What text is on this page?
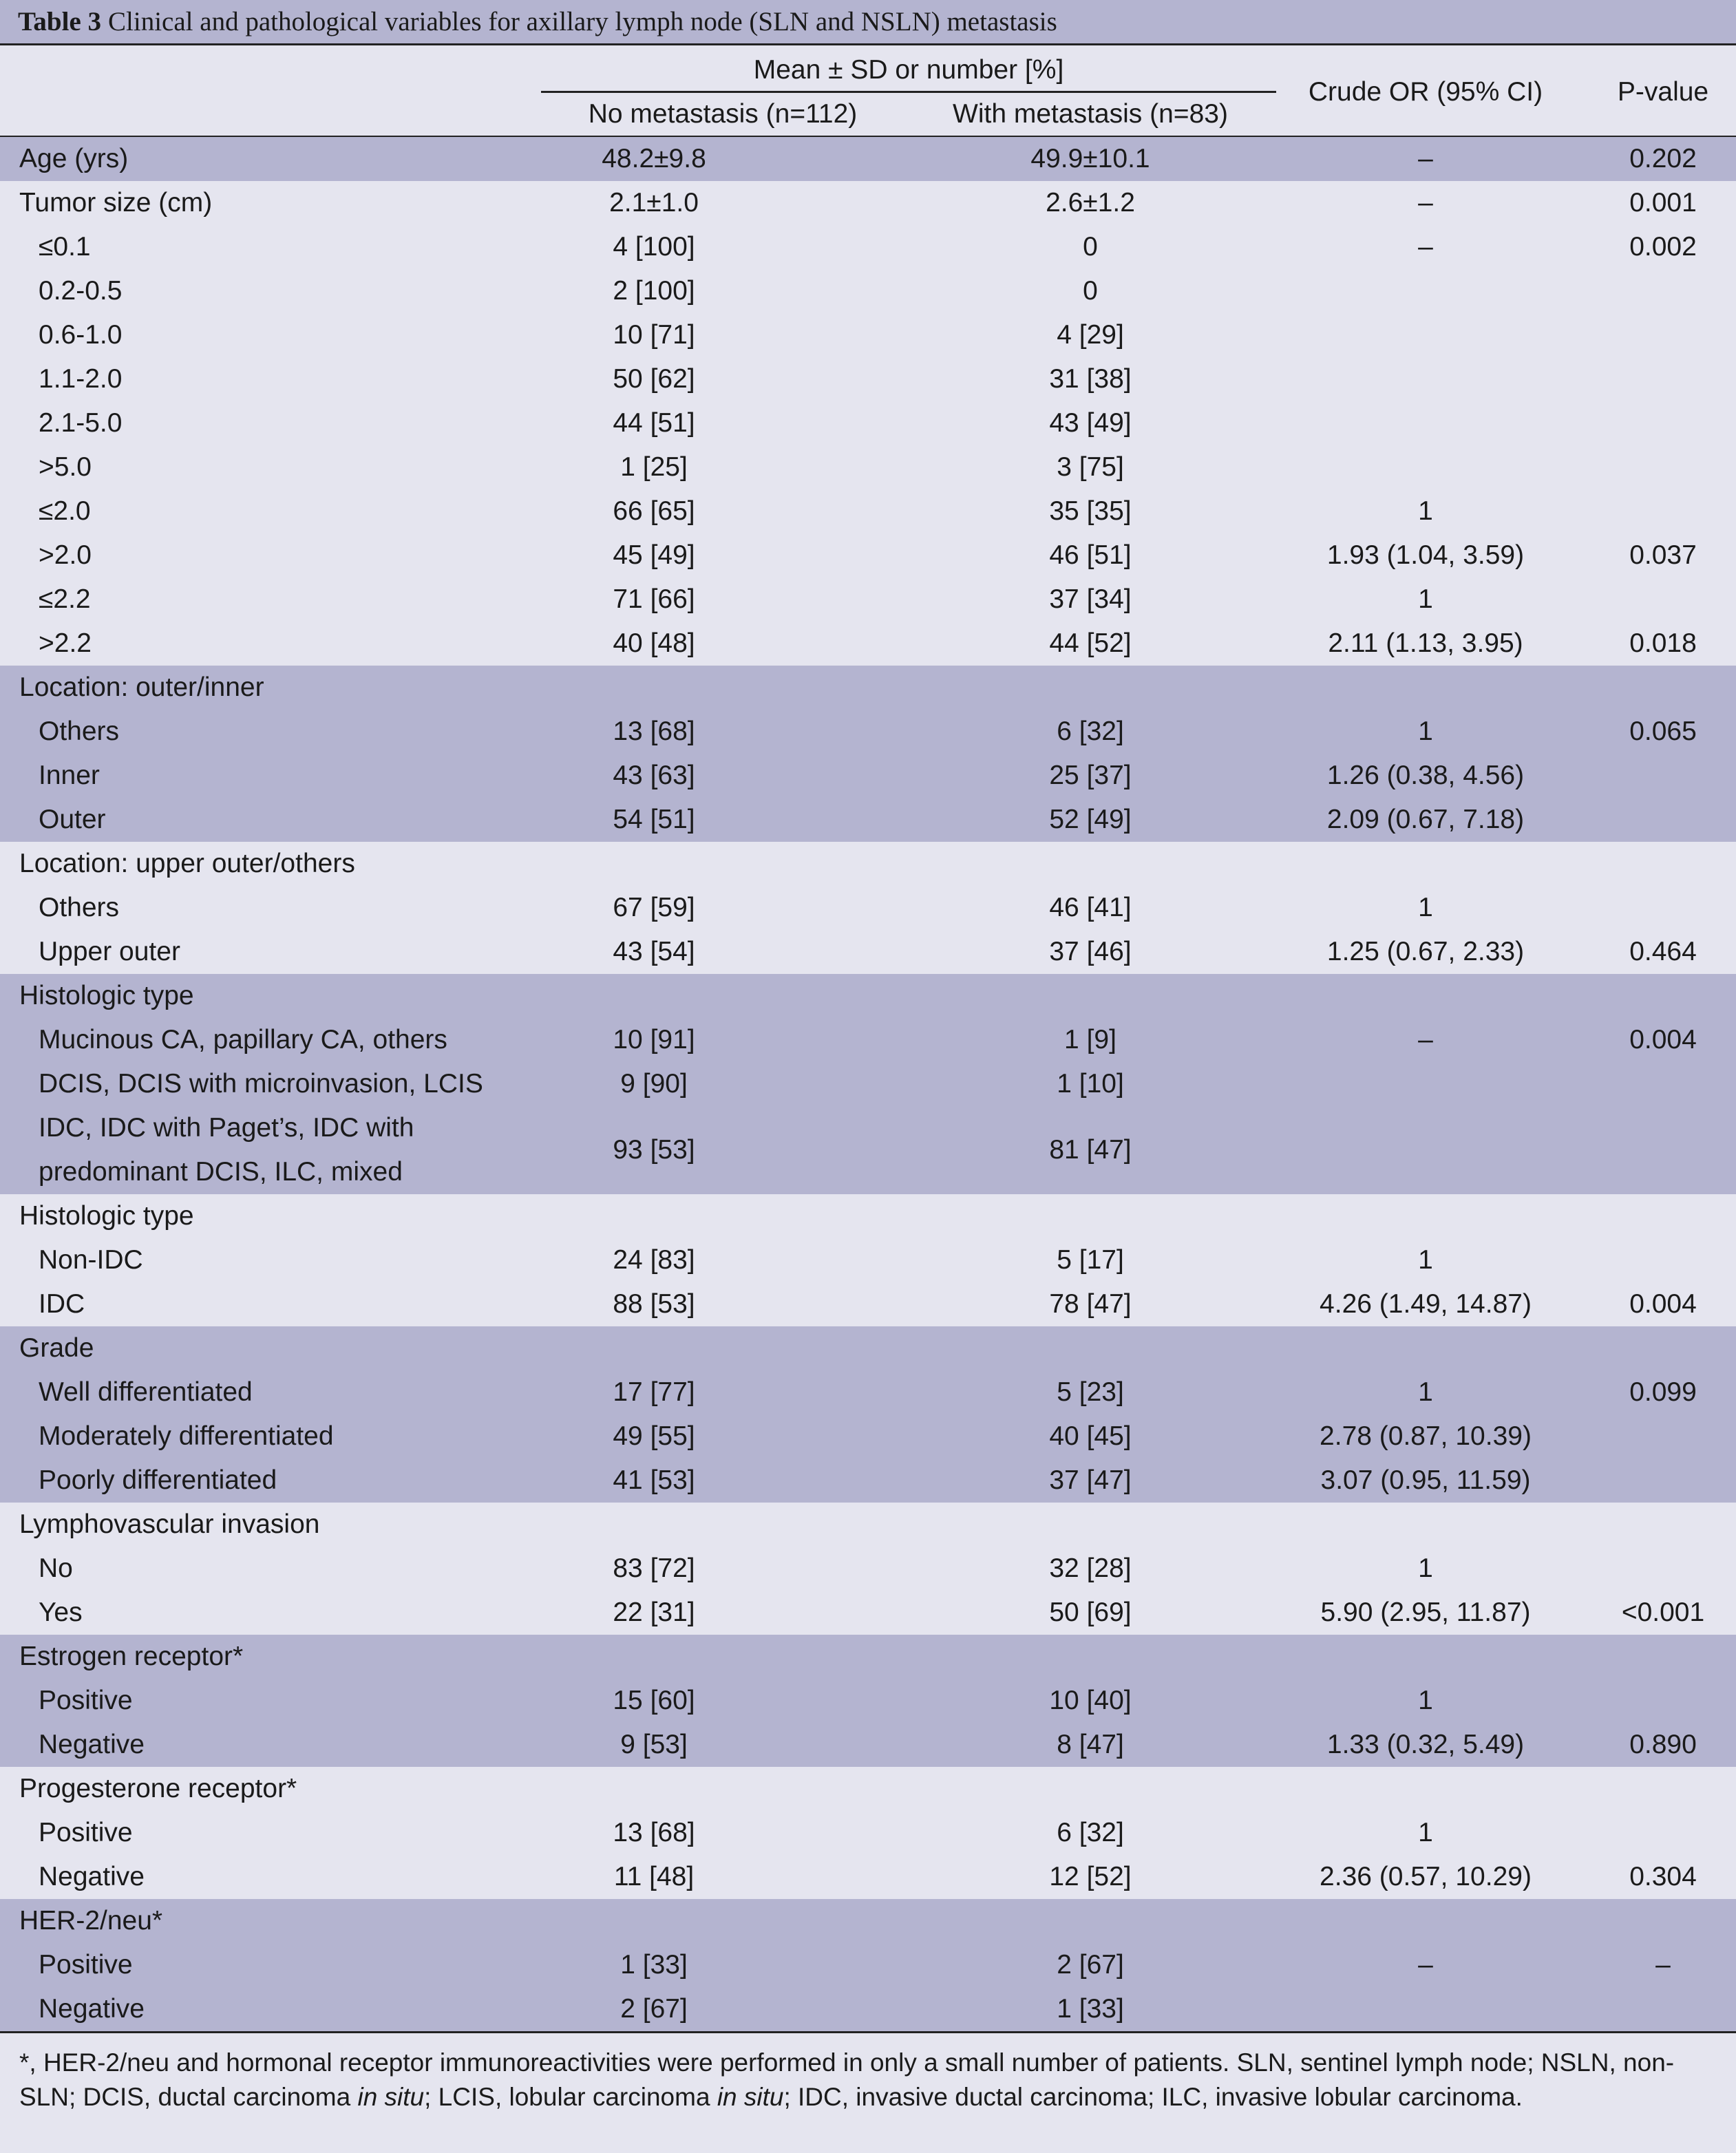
Table 3 Clinical and pathological variables for axillary lymph node (SLN and NSLN) metastasis
Mean ± SD or number [%]
No metastasis (n=112)	With metastasis (n=83)
Crude OR (95% CI)	P-value
Age (yrs)	48.2±9.8	49.9±10.1	–	0.202
Tumor size (cm)	2.1±1.0	2.6±1.2	–	0.001
≤0.1	4 [100]	0	–	0.002
0.2-0.5	2 [100]	0
0.6-1.0	10 [71]	4 [29]
1.1-2.0	50 [62]	31 [38]
2.1-5.0	44 [51]	43 [49]
>5.0	1 [25]	3 [75]
≤2.0	66 [65]	35 [35]	1
>2.0	45 [49]	46 [51]	1.93 (1.04, 3.59)	0.037
≤2.2	71 [66]	37 [34]	1
>2.2	40 [48]	44 [52]	2.11 (1.13, 3.95)	0.018
Location: outer/inner
Others	13 [68]	6 [32]	1	0.065
Inner	43 [63]	25 [37]	1.26 (0.38, 4.56)
Outer	54 [51]	52 [49]	2.09 (0.67, 7.18)
Location: upper outer/others
Others	67 [59]	46 [41]	1
Upper outer	43 [54]	37 [46]	1.25 (0.67, 2.33)	0.464
Histologic type
Mucinous CA, papillary CA, others	10 [91]	1 [9]	–	0.004
DCIS, DCIS with microinvasion, LCIS	9 [90]	1 [10]
IDC, IDC with Paget’s, IDC with predominant DCIS, ILC, mixed
93 [53]	81 [47]
Histologic type
Non-IDC	24 [83]	5 [17]	1
IDC	88 [53]	78 [47]	4.26 (1.49, 14.87)	0.004
Grade
Well differentiated	17 [77]	5 [23]	1	0.099
Moderately differentiated	49 [55]	40 [45]	2.78 (0.87, 10.39)
Poorly differentiated	41 [53]	37 [47]	3.07 (0.95, 11.59)
Lymphovascular invasion
No	83 [72]	32 [28]	1
Yes	22 [31]	50 [69]	5.90 (2.95, 11.87)	<0.001
Estrogen receptor*
Positive	15 [60]	10 [40]	1
Negative	9 [53]	8 [47]	1.33 (0.32, 5.49)	0.890
Progesterone receptor*
Positive	13 [68]	6 [32]	1
Negative	11 [48]	12 [52]	2.36 (0.57, 10.29)	0.304
HER-2/neu*
Positive	1 [33]	2 [67]	–	–
Negative	2 [67]	1 [33]
*, HER-2/neu and hormonal receptor immunoreactivities were performed in only a small number of patients. SLN, sentinel lymph node; NSLN, non-SLN; DCIS, ductal carcinoma in situ; LCIS, lobular carcinoma in situ; IDC, invasive ductal carcinoma; ILC, invasive lobular carcinoma.
